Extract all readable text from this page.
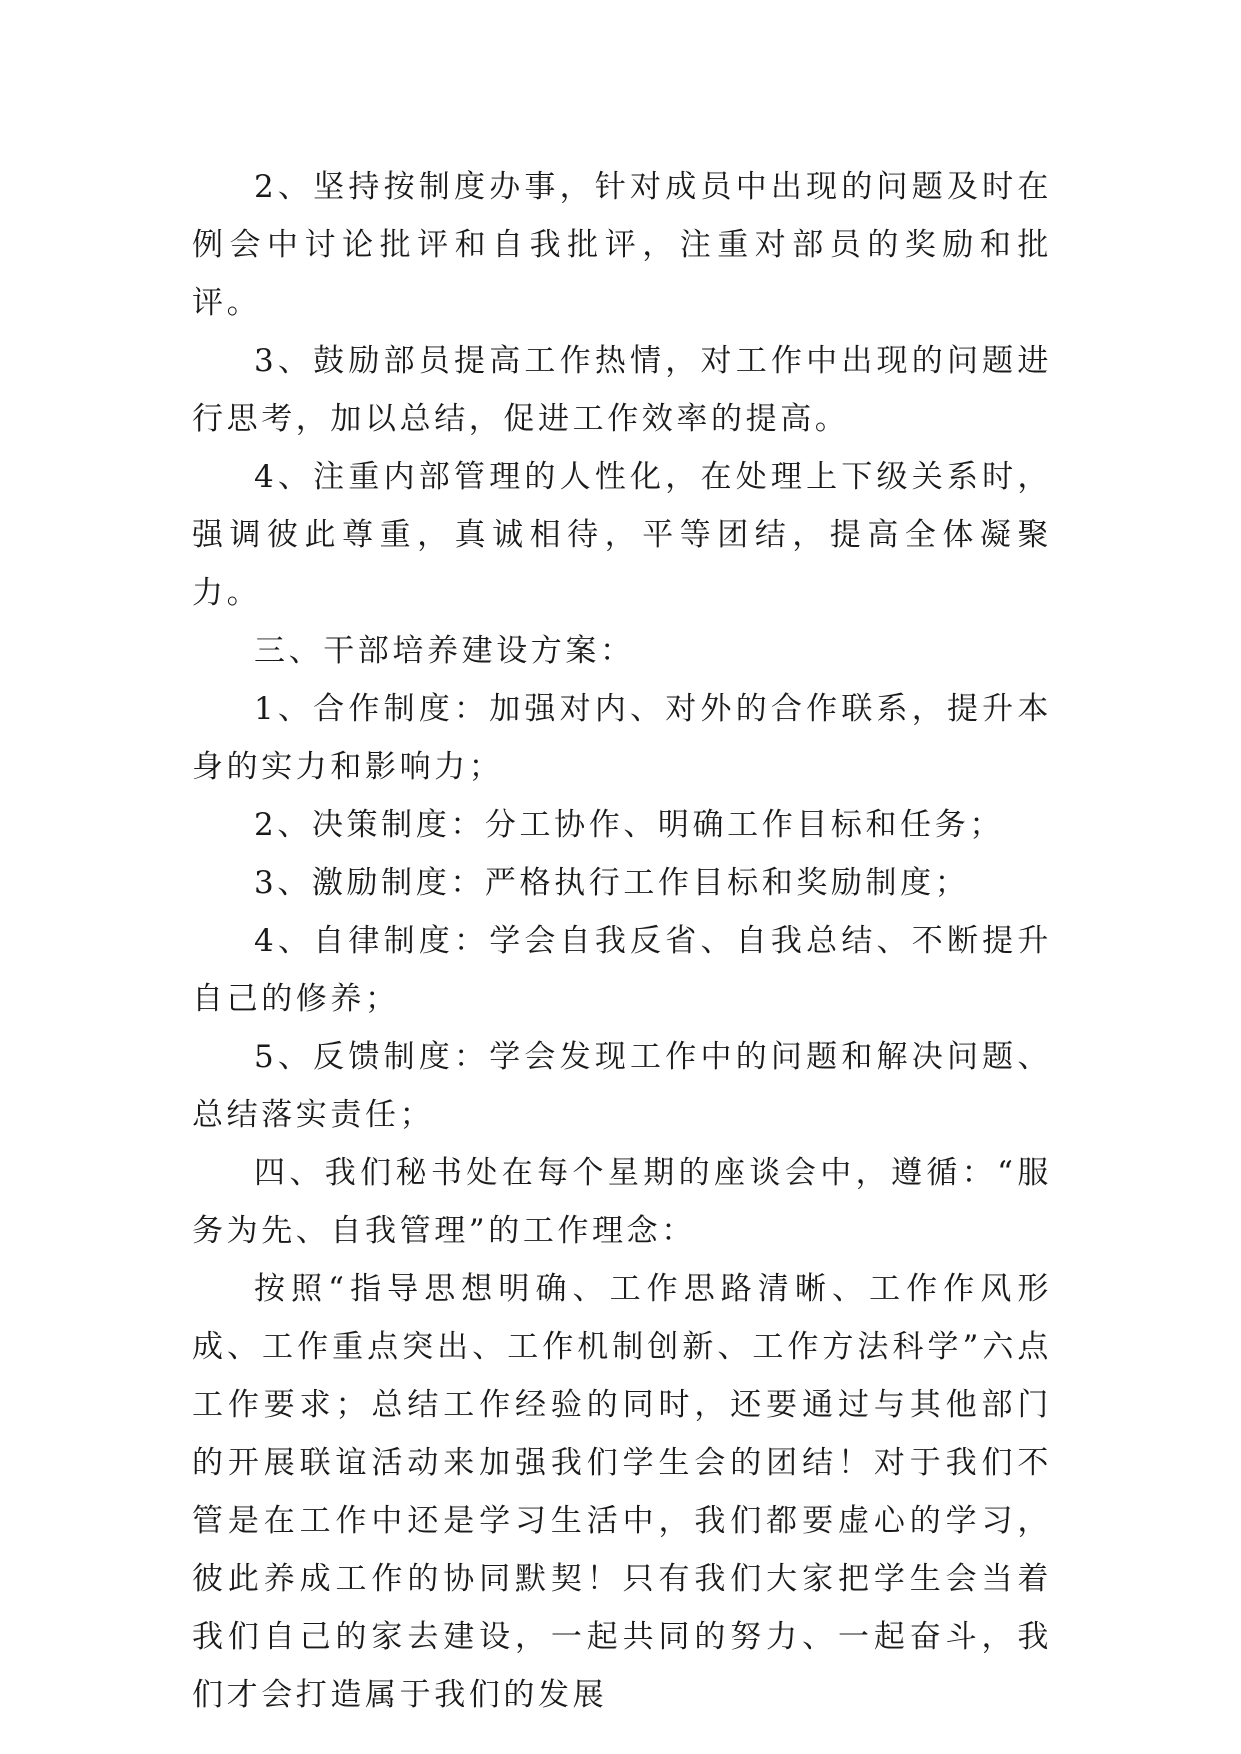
2、坚持按制度办事，针对成员中出现的问题及时在例会中讨论批评和自我批评，注重对部员的奖励和批评。

3、鼓励部员提高工作热情，对工作中出现的问题进行思考，加以总结，促进工作效率的提高。

4、注重内部管理的人性化，在处理上下级关系时，强调彼此尊重，真诚相待，平等团结，提高全体凝聚力。

三、干部培养建设方案：

1、合作制度：加强对内、对外的合作联系，提升本身的实力和影响力；

2、决策制度：分工协作、明确工作目标和任务；

3、激励制度：严格执行工作目标和奖励制度；

4、自律制度：学会自我反省、自我总结、不断提升自己的修养；

5、反馈制度：学会发现工作中的问题和解决问题、总结落实责任；

四、我们秘书处在每个星期的座谈会中，遵循：“服务为先、自我管理”的工作理念：

按照“指导思想明确、工作思路清晰、工作作风形成、工作重点突出、工作机制创新、工作方法科学”六点工作要求；总结工作经验的同时，还要通过与其他部门的开展联谊活动来加强我们学生会的团结！对于我们不管是在工作中还是学习生活中，我们都要虚心的学习，彼此养成工作的协同默契！只有我们大家把学生会当着我们自己的家去建设，一起共同的努力、一起奋斗，我们才会打造属于我们的发展
